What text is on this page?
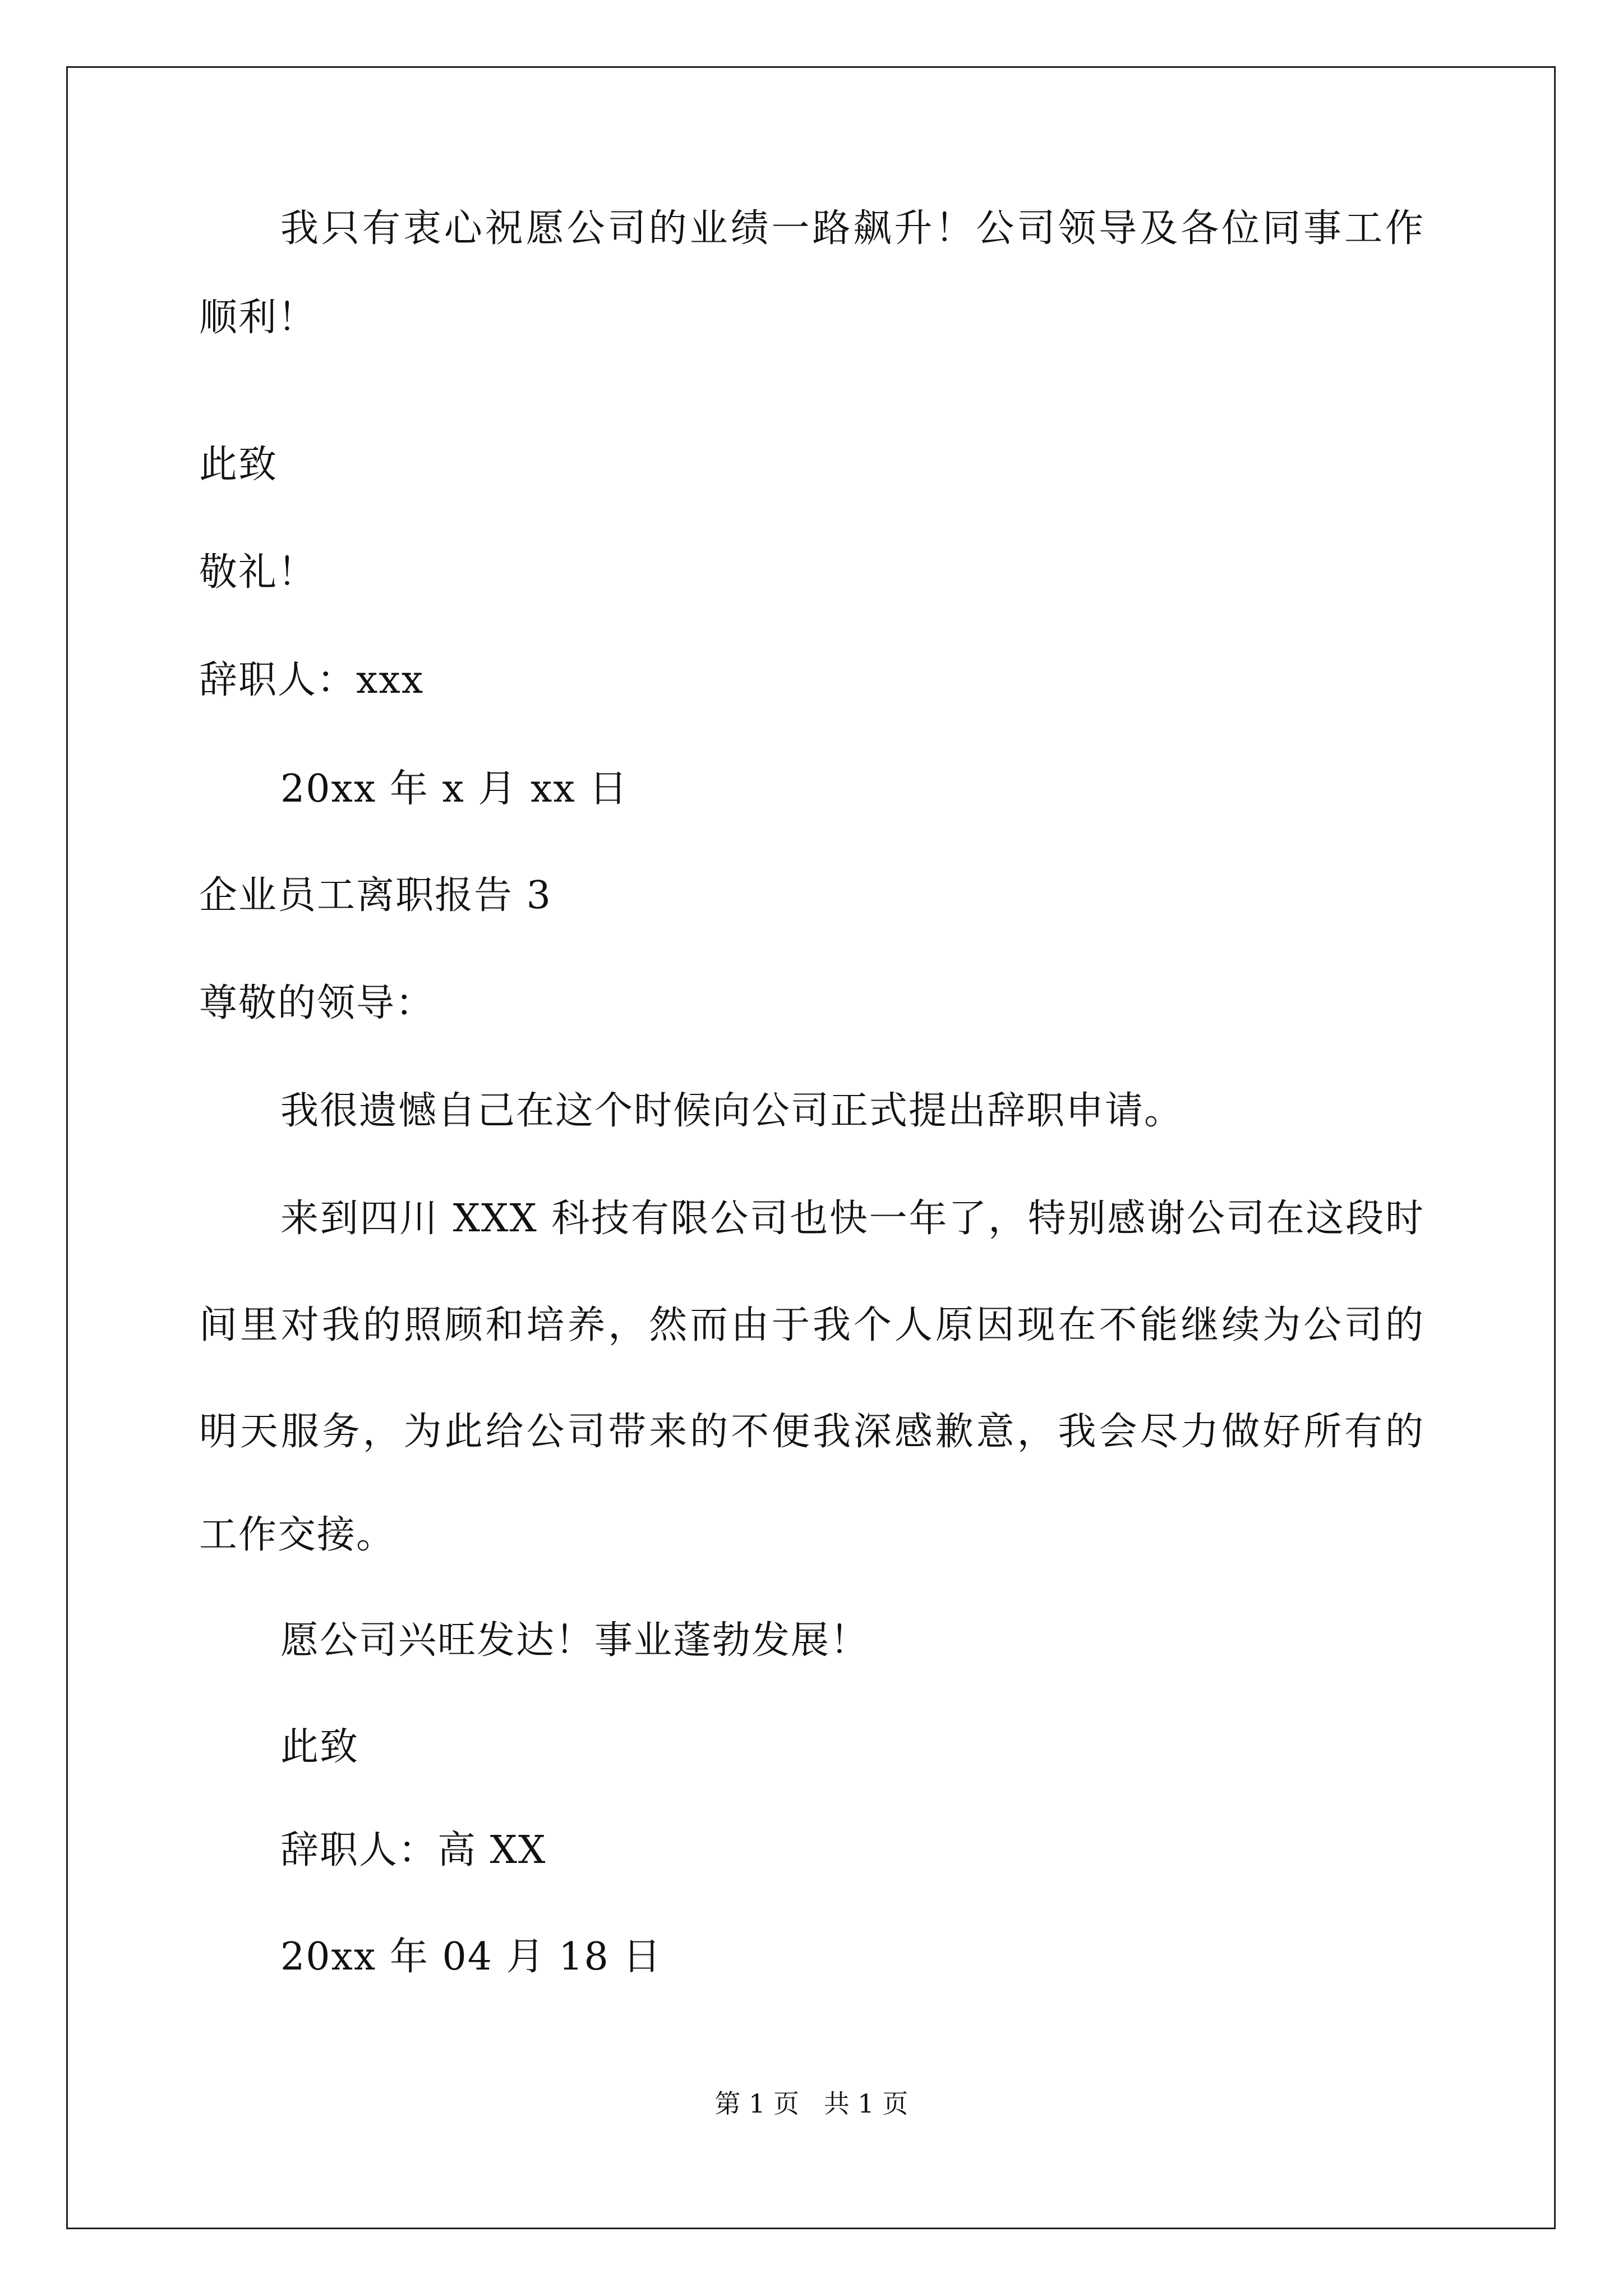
我只有衷心祝愿公司的业绩一路飙升！公司领导及各位同事工作
顺利！
此致
敬礼！
辞职人：xxx
20xx 年 x 月 xx 日
企业员工离职报告 3
尊敬的领导：
我很遗憾自己在这个时候向公司正式提出辞职申请。
来到四川 XXX 科技有限公司也快一年了，特别感谢公司在这段时
间里对我的照顾和培养，然而由于我个人原因现在不能继续为公司的
明天服务，为此给公司带来的不便我深感歉意，我会尽力做好所有的
工作交接。
愿公司兴旺发达！事业蓬勃发展！
此致
辞职人：高 XX
20xx 年 04 月 18 日
第 1 页   共 1 页
